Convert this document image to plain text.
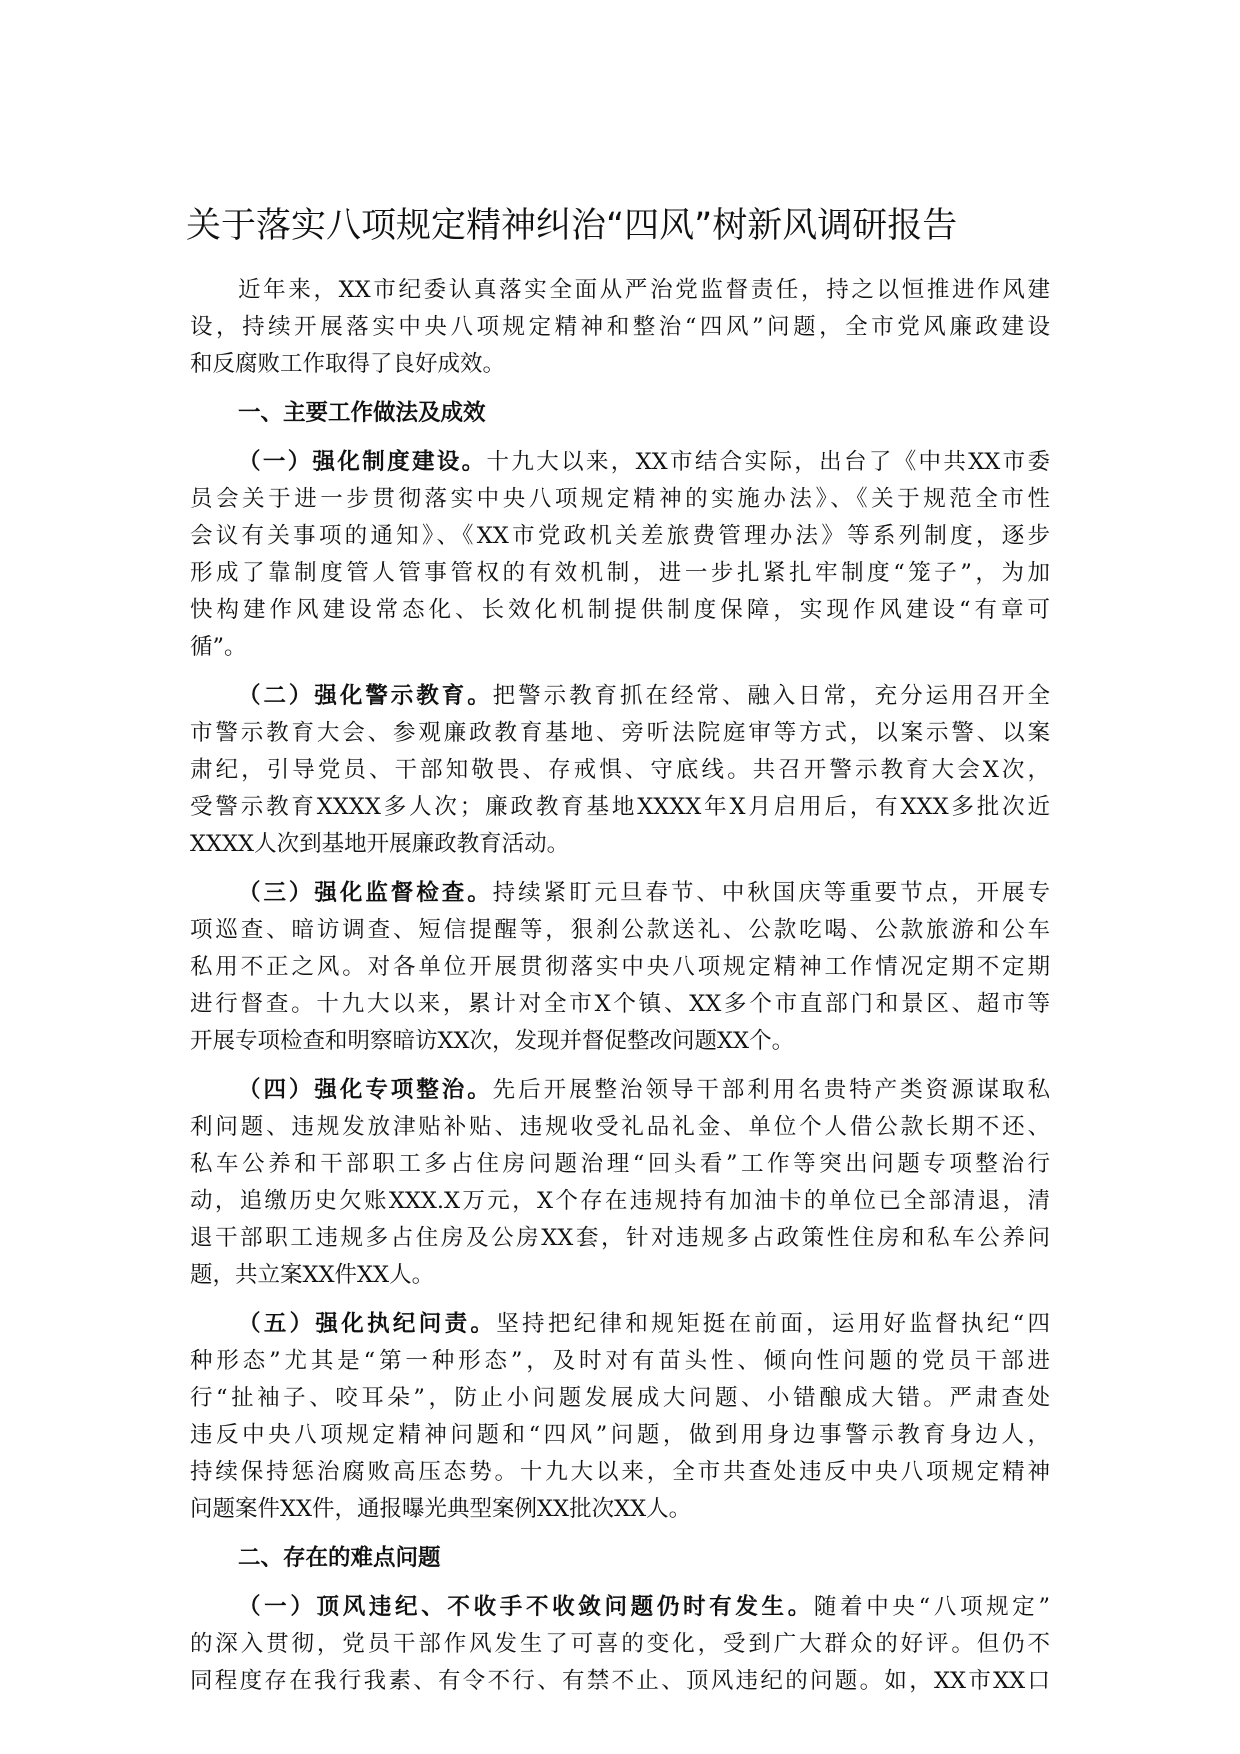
关于落实八项规定精神纠治“四风”树新风调研报告
近年来，XX市纪委认真落实全面从严治党监督责任，持之以恒推进作风建
设，持续开展落实中央八项规定精神和整治“四风”问题，全市党风廉政建设
和反腐败工作取得了良好成效。
一、主要工作做法及成效
（一）强化制度建设。十九大以来，XX市结合实际，出台了《中共XX市委
员会关于进一步贯彻落实中央八项规定精神的实施办法》、《关于规范全市性
会议有关事项的通知》、《XX市党政机关差旅费管理办法》等系列制度，逐步
形成了靠制度管人管事管权的有效机制，进一步扎紧扎牢制度“笼子”，为加
快构建作风建设常态化、长效化机制提供制度保障，实现作风建设“有章可
循”。
（二）强化警示教育。把警示教育抓在经常、融入日常，充分运用召开全
市警示教育大会、参观廉政教育基地、旁听法院庭审等方式，以案示警、以案
肃纪，引导党员、干部知敬畏、存戒惧、守底线。共召开警示教育大会X次，
受警示教育XXXX多人次；廉政教育基地XXXX年X月启用后，有XXX多批次近
XXXX人次到基地开展廉政教育活动。
（三）强化监督检查。持续紧盯元旦春节、中秋国庆等重要节点，开展专
项巡查、暗访调查、短信提醒等，狠刹公款送礼、公款吃喝、公款旅游和公车
私用不正之风。对各单位开展贯彻落实中央八项规定精神工作情况定期不定期
进行督查。十九大以来，累计对全市X个镇、XX多个市直部门和景区、超市等
开展专项检查和明察暗访XX次，发现并督促整改问题XX个。
（四）强化专项整治。先后开展整治领导干部利用名贵特产类资源谋取私
利问题、违规发放津贴补贴、违规收受礼品礼金、单位个人借公款长期不还、
私车公养和干部职工多占住房问题治理“回头看”工作等突出问题专项整治行
动，追缴历史欠账XXX.X万元，X个存在违规持有加油卡的单位已全部清退，清
退干部职工违规多占住房及公房XX套，针对违规多占政策性住房和私车公养问
题，共立案XX件XX人。
（五）强化执纪问责。坚持把纪律和规矩挺在前面，运用好监督执纪“四
种形态”尤其是“第一种形态”，及时对有苗头性、倾向性问题的党员干部进
行“扯袖子、咬耳朵”，防止小问题发展成大问题、小错酿成大错。严肃查处
违反中央八项规定精神问题和“四风”问题，做到用身边事警示教育身边人，
持续保持惩治腐败高压态势。十九大以来，全市共查处违反中央八项规定精神
问题案件XX件，通报曝光典型案例XX批次XX人。
二、存在的难点问题
（一）顶风违纪、不收手不收敛问题仍时有发生。随着中央“八项规定”
的深入贯彻，党员干部作风发生了可喜的变化，受到广大群众的好评。但仍不
同程度存在我行我素、有令不行、有禁不止、顶风违纪的问题。如，XX市XX口
